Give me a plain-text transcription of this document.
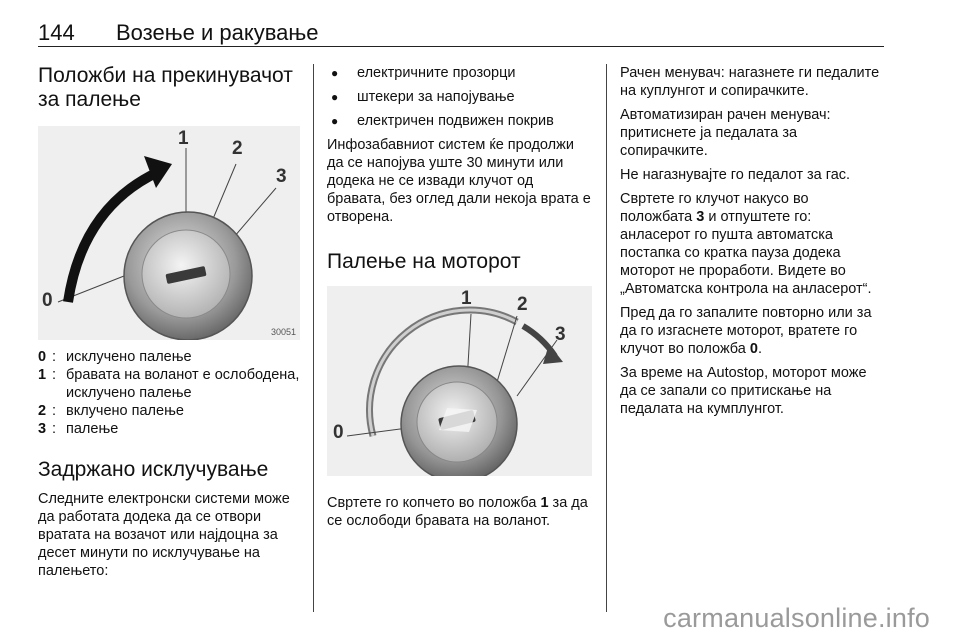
144 Возење и ракување
Положби на прекинувачот
за палење
1 2
3
0
30051
0 : исклучено палење
1 : бравата на воланот е ослободена, исклучено палење
2 : вклучено палење
3 : палење
Задржано исклучување

Следните електронски системи може да работата додека да се отвори вратата на возачот или најдоцна за десет минути по исклучување на палењето:

● електричните прозорци
● штекери за напојување
● електричен подвижен покрив

Инфозабавниот систем ќе продолжи да се напојува уште 30 минути или додека не се извади клучот од бравата, без оглед дали некоја врата е отворена.

Палење на моторот
1 2
3
0

Свртете го копчето во положба 1 за да се ослободи бравата на воланот.

Рачен менувач: нагазнете ги педалите на куплунгот и сопирачките.

Автоматизиран рачен менувач: притиснете ја педалата за сопирачките.

Не нагазнувајте го педалот за гас.

Свртете го клучот накусо во положбата 3 и отпуштете го: анласерот го пушта автоматска постапка со кратка пауза додека моторот не проработи. Видете во „Автоматска контрола на анласерот“.

Пред да го запалите повторно или за да го изгаснете моторот, вратете го клучот во положба 0.

За време на Autostop, моторот може да се запали со притискање на педалата на кумплунгот.

carmanualsonline.info
